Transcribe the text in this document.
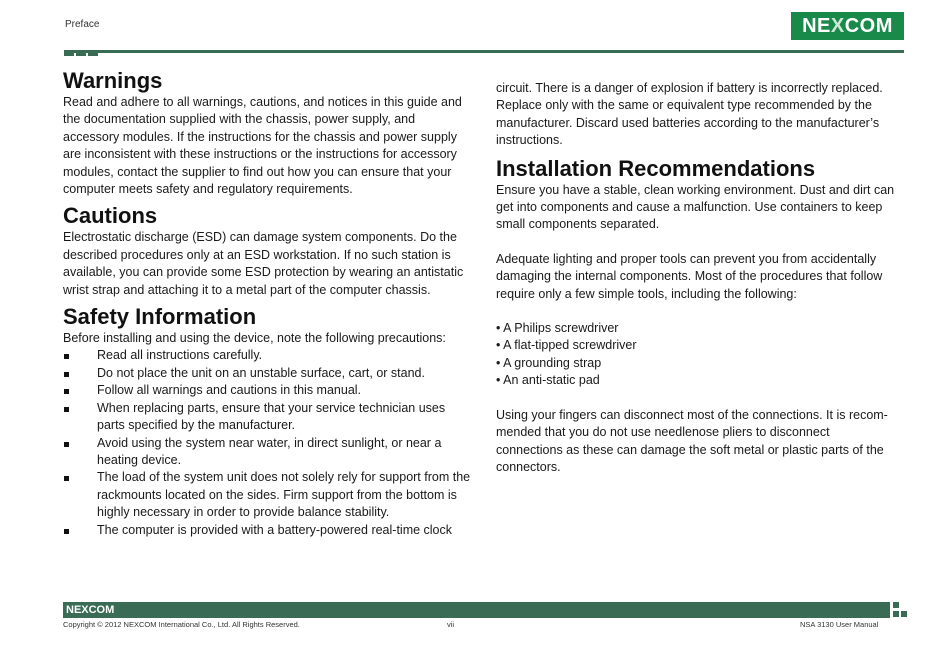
Preface	NE X COM
Warnings

Read and adhere to all warnings, cautions, and notices in this guide and the documentation supplied with the chassis, power supply, and accessory modules. If the instructions for the chassis and power supply are inconsistent with these instructions or the instructions for accessory modules, contact the supplier to find out how you can ensure that your computer meets safety and regulatory requirements.

Cautions

Electrostatic discharge (ESD) can damage system components. Do the described procedures only at an ESD workstation. If no such station is available, you can provide some ESD protection by wearing an antistatic wrist strap and attaching it to a metal part of the computer chassis.

Safety Information

Before installing and using the device, note the following precautions:

Read all instructions carefully.
Do not place the unit on an unstable surface, cart, or stand.
Follow all warnings and cautions in this manual.
When replacing parts, ensure that your service technician uses parts specified by the manufacturer.
Avoid using the system near water, in direct sunlight, or near a heating device.
The load of the system unit does not solely rely for support from the rackmounts located on the sides. Firm support from the bottom is highly necessary in order to provide balance stability.
The computer is provided with a battery-powered real-time clock

circuit. There is a danger of explosion if battery is incorrectly replaced. Replace only with the same or equivalent type recommended by the manufacturer. Discard used batteries according to the manufacturer’s instructions.

Installation Recommendations

Ensure you have a stable, clean working environment. Dust and dirt can get into components and cause a malfunction. Use containers to keep small components separated.

Adequate lighting and proper tools can prevent you from accidentally damaging the internal components. Most of the procedures that follow require only a few simple tools, including the following:

• A Philips screwdriver

• A flat-tipped screwdriver

• A grounding strap

• An anti-static pad

Using your fingers can disconnect most of the connections. It is recom-mended that you do not use needlenose pliers to disconnect connections as these can damage the soft metal or plastic parts of the connectors.

NEXCOM
Copyright © 2012 NEXCOM International Co., Ltd. All Rights Reserved.	vii	NSA 3130 User Manual
